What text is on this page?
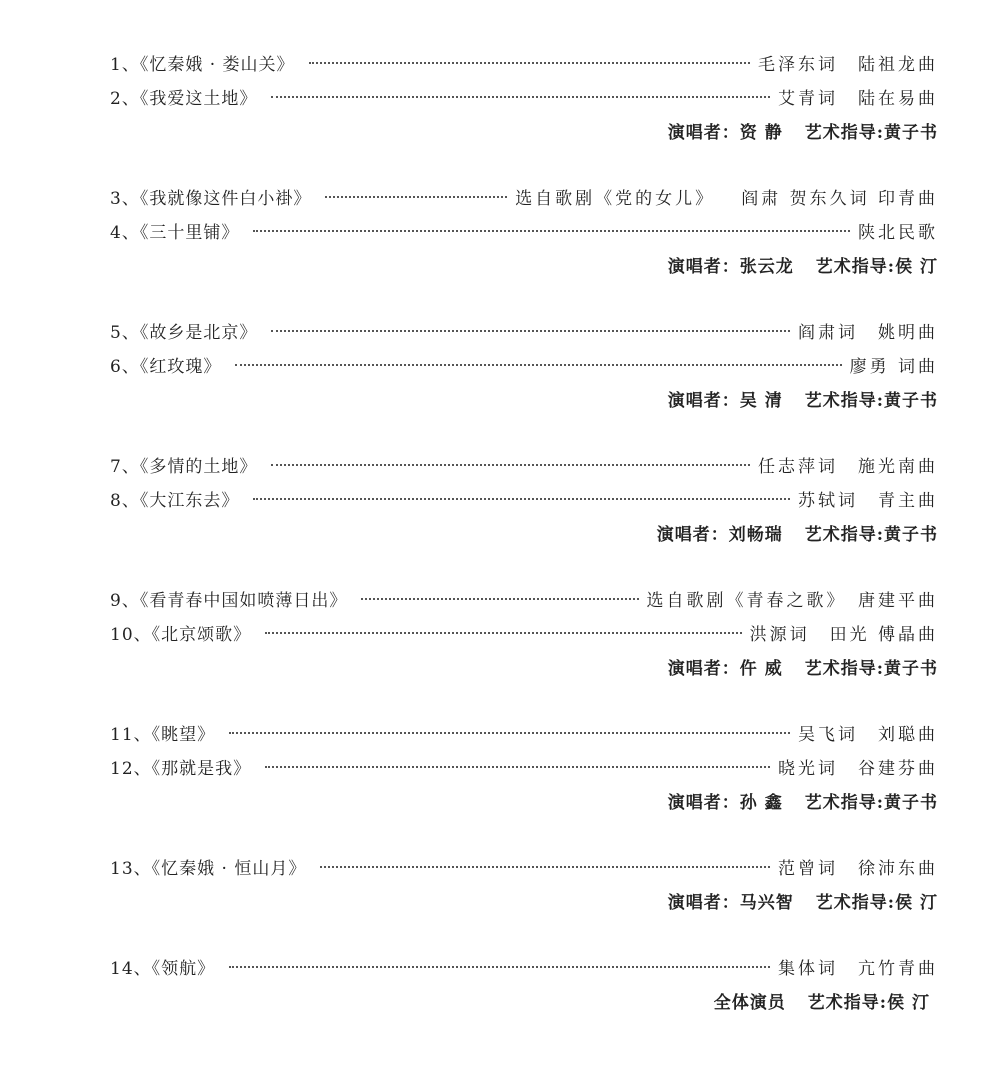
1、《忆秦娥 · 娄山关》	毛泽东词　陆祖龙曲
2、《我爱这土地》	艾青词　陆在易曲
演唱者：资 静 艺术指导:黄子书
3、《我就像这件白小褂》	选自歌剧《党的女儿》 阎肃 贺东久词 印青曲
4、《三十里铺》	陕北民歌
演唱者：张云龙 艺术指导:侯 汀
5、《故乡是北京》	阎肃词　姚明曲
6、《红玫瑰》	廖勇 词曲
演唱者：吴 清 艺术指导:黄子书
7、《多情的土地》	任志萍词　施光南曲
8、《大江东去》	苏轼词　青主曲
演唱者：刘畅瑞 艺术指导:黄子书
9、《看青春中国如喷薄日出》	选自歌剧《青春之歌》　唐建平曲
10、《北京颂歌》	洪源词　田光 傅晶曲
演唱者：仵 威 艺术指导:黄子书
11、《眺望》	吴飞词　刘聪曲
12、《那就是我》	晓光词　谷建芬曲
演唱者：孙 鑫 艺术指导:黄子书
13、《忆秦娥 · 恒山月》	范曾词　徐沛东曲
演唱者：马兴智 艺术指导:侯 汀
14、《领航》	集体词　亢竹青曲
全体演员 艺术指导:侯 汀
